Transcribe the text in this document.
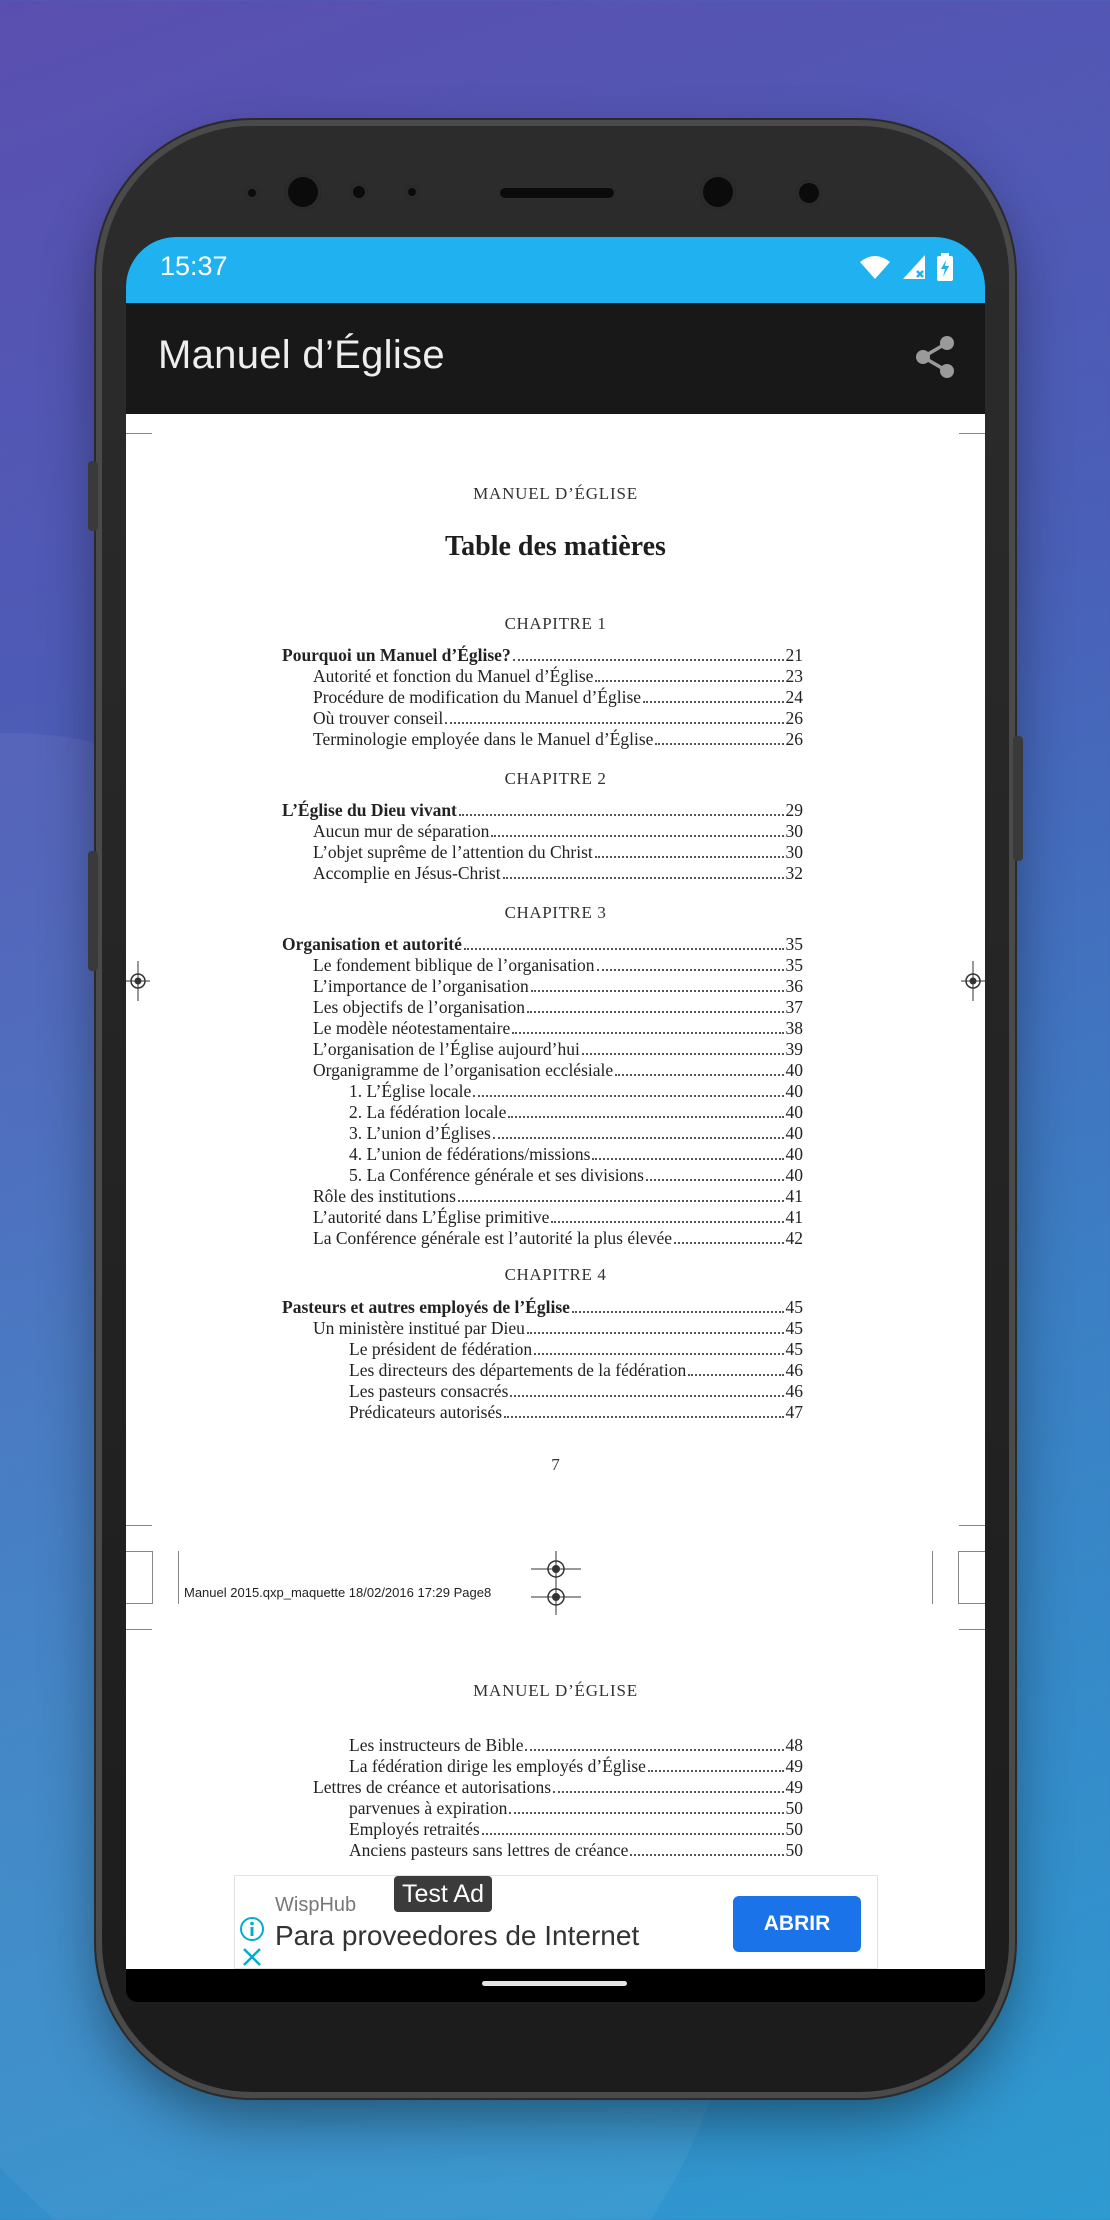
15:37
Manuel d’Église
MANUEL D’ÉGLISE
Table des matières
CHAPITRE 1
Pourquoi un Manuel d’Église?	21
Autorité et fonction du Manuel d’Église	23
Procédure de modification du Manuel d’Église	24
Où trouver conseil	26
Terminologie employée dans le Manuel d’Église	26
CHAPITRE 2
L’Église du Dieu vivant	29
Aucun mur de séparation	30
L’objet suprême de l’attention du Christ	30
Accomplie en Jésus-Christ	32
CHAPITRE 3
Organisation et autorité	35
Le fondement biblique de l’organisation	35
L’importance de l’organisation	36
Les objectifs de l’organisation	37
Le modèle néotestamentaire	38
L’organisation de l’Église aujourd’hui	39
Organigramme de l’organisation ecclésiale	40
1. L’Église locale	40
2. La fédération locale	40
3. L’union d’Églises	40
4. L’union de fédérations/missions	40
5. La Conférence générale et ses divisions	40
Rôle des institutions	41
L’autorité dans L’Église primitive	41
La Conférence générale est l’autorité la plus élevée	42
CHAPITRE 4
Pasteurs et autres employés de l’Église	45
Un ministère institué par Dieu	45
Le président de fédération	45
Les directeurs des départements de la fédération	46
Les pasteurs consacrés	46
Prédicateurs autorisés	47
7
Manuel 2015.qxp_maquette 18/02/2016 17:29 Page8
MANUEL D’ÉGLISE
Les instructeurs de Bible	48
La fédération dirige les employés d’Église	49
Lettres de créance et autorisations	49
parvenues à expiration	50
Employés retraités	50
Anciens pasteurs sans lettres de créance	50
WispHub
Para proveedores de Internet	ABRIR
Test Ad
